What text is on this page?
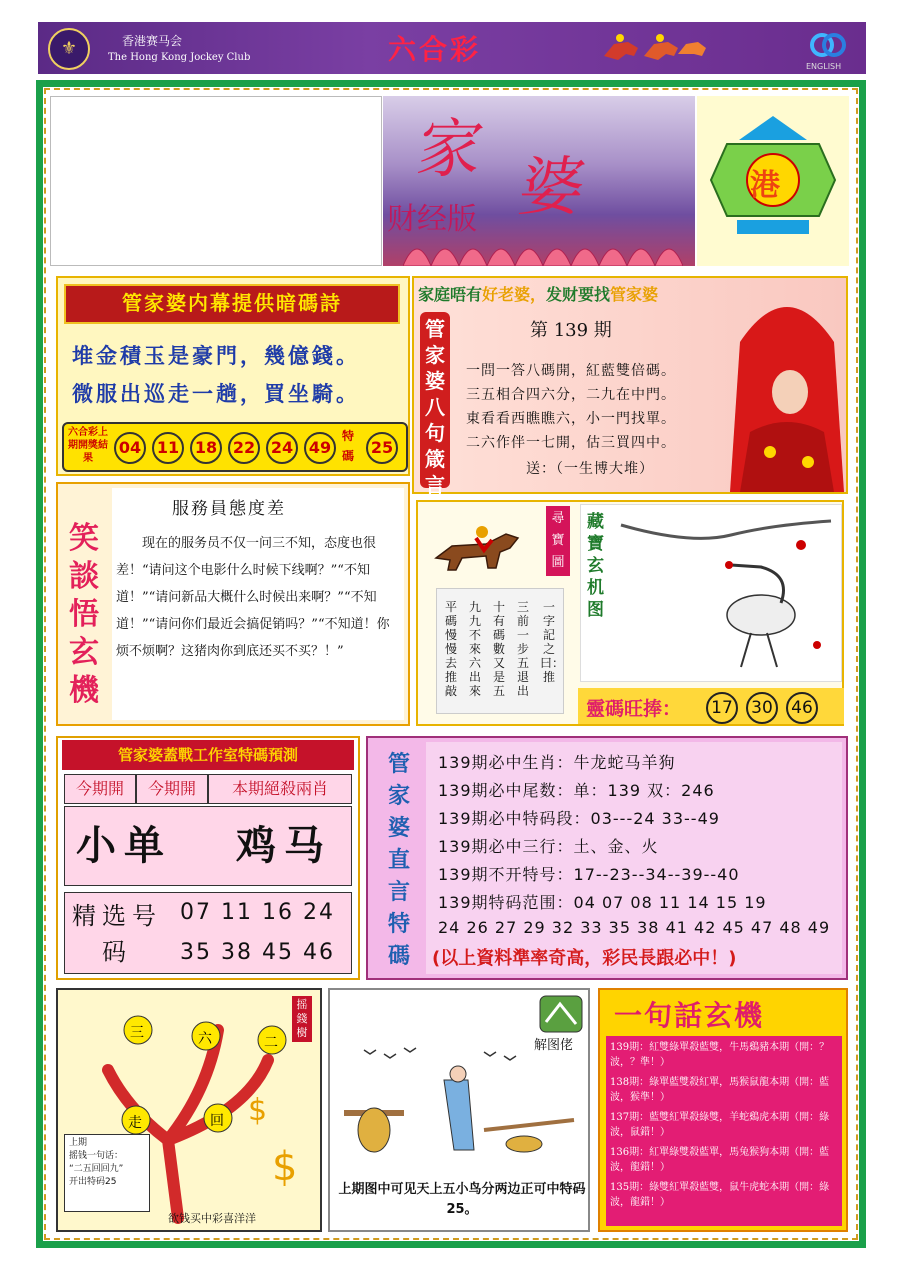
⚜	香港赛马会
The Hong Kong Jockey Club	六合彩
ENGLISH
家
婆
财经版
港
管家婆内幕提供暗碼詩
堆金積玉是豪門，幾億錢。
微服出巡走一趟，買坐騎。
六合彩上期開獎結果
04 11 18 22 24 49
特碼	25
家庭唔有好老婆，发财要找管家婆
管家婆八句箴言
第 139 期
一問一答八碼開，紅藍雙倍碼。
三五相合四六分，二九在中門。
東看看西瞧瞧六，小一門找單。
二六作伴一七開，估三買四中。
送：（一生博大堆）
笑談悟玄機
服務員態度差
现在的服务员不仅一问三不知，态度也很差！“请问这个电影什么时候下线啊？”“不知道！”“请问新品大概什么时候出来啊？”“不知道！”“请问你们最近会搞促销吗？”“不知道！你烦不烦啊？这猪肉你到底还买不买？！”
尋寶圖
一字記之曰：推
三前一步五退出
十有碼數又是五
九九不來六出來
平碼慢慢去推敲
藏寶玄机图
靈碼旺捧：	17	30	46
管家婆蓋戰工作室特碼預測
今期開	今期開	本期絕殺兩肖
小单 鸡马
精选号码
07 11 16 24
35 38 45 46
管家婆直言特碼
139期必中生肖：牛龙蛇马羊狗
139期必中尾数：单：139 双：246
139期必中特码段：03---24 33--49
139期必中三行：土、金、火
139期不开特号：17--23--34--39--40
139期特码范围：04 07 08 11 14 15 19
24 26 27 29 32 33 35 38 41 42 45 47 48 49
(以上資料準率奇高，彩民長跟必中！)
$
$
三	六	二
走	回
摇錢樹
上期
摇钱一句话：
“二五回回九”
开出特码25
欲钱买中彩喜洋洋
解图佬
上期图中可见天上五小鸟分两边正可中特码25。
一句話玄機
139期：紅雙綠單殺藍雙，牛馬鷄豬本期（開：？波，？準！）
138期：綠單藍雙殺紅單，馬猴鼠龍本期（開：藍波，猴準！）
137期：藍雙紅單殺綠雙，羊蛇鷄虎本期（開：綠波，鼠錯！）
136期：紅單綠雙殺藍單，馬兔猴狗本期（開：藍波，龍錯！）
135期：綠雙紅單殺藍雙，鼠牛虎蛇本期（開：綠波，龍錯！）
